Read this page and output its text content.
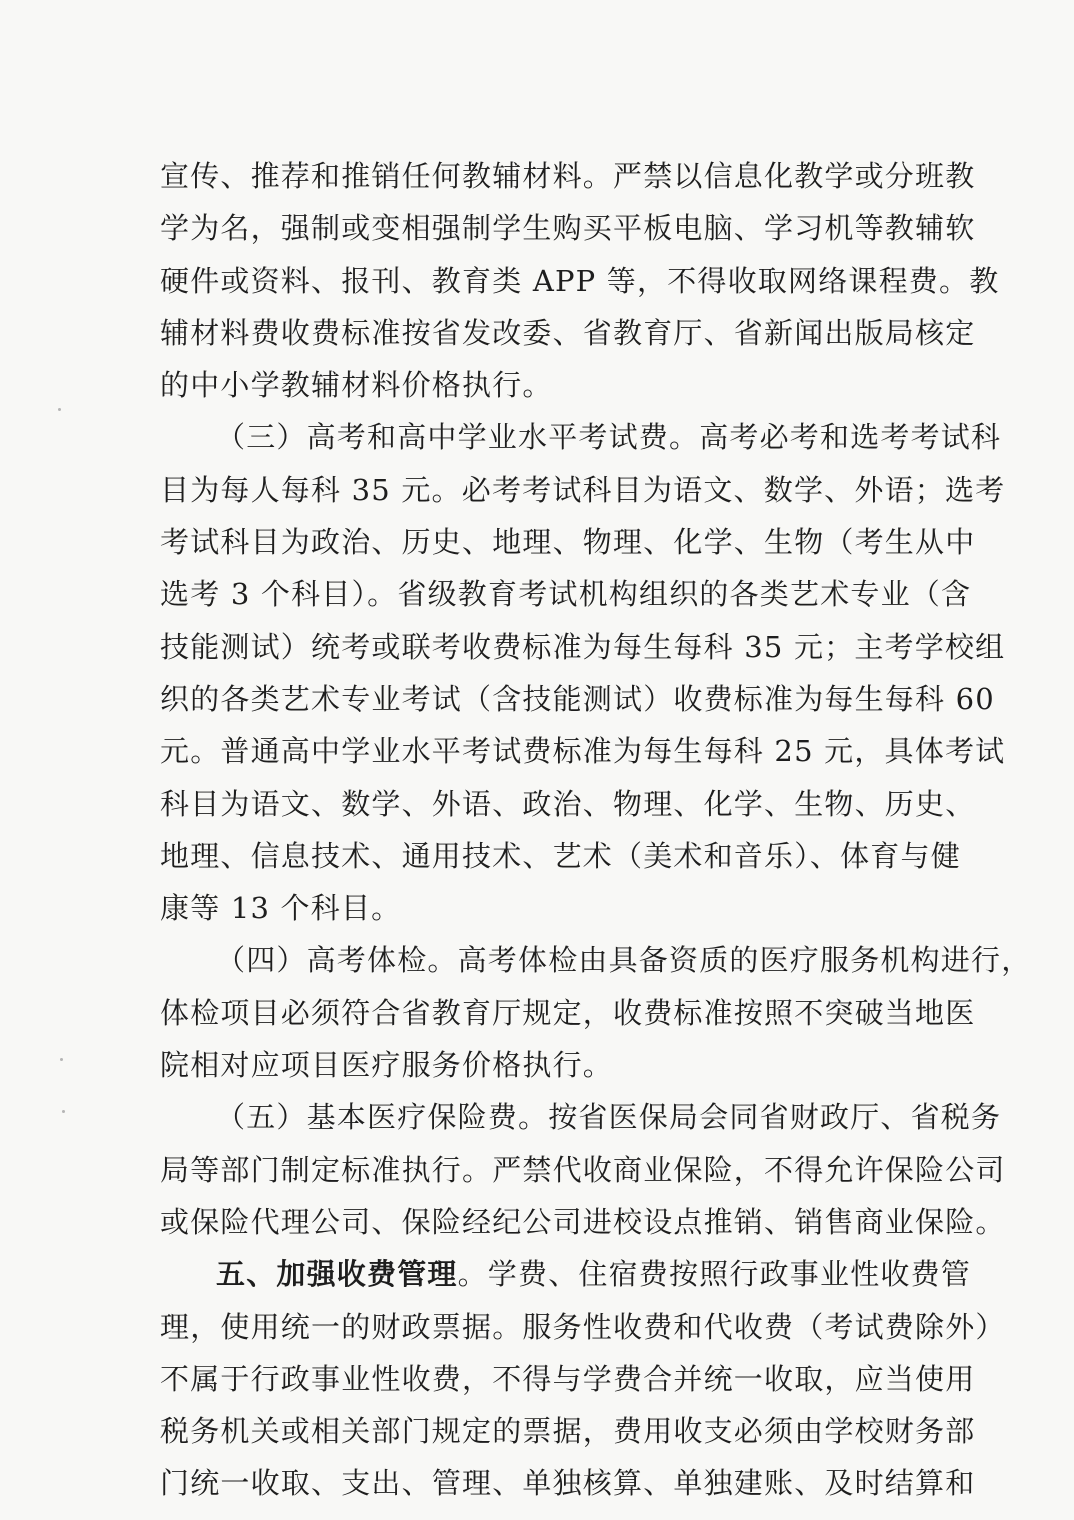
宣传、推荐和推销任何教辅材料。严禁以信息化教学或分班教
学为名，强制或变相强制学生购买平板电脑、学习机等教辅软
硬件或资料、报刊、教育类 APP 等，不得收取网络课程费。教
辅材料费收费标准按省发改委、省教育厅、省新闻出版局核定
的中小学教辅材料价格执行。
（三）高考和高中学业水平考试费。高考必考和选考考试科
目为每人每科 35 元。必考考试科目为语文、数学、外语；选考
考试科目为政治、历史、地理、物理、化学、生物（考生从中
选考 3 个科目）。省级教育考试机构组织的各类艺术专业（含
技能测试）统考或联考收费标准为每生每科 35 元；主考学校组
织的各类艺术专业考试（含技能测试）收费标准为每生每科 60
元。普通高中学业水平考试费标准为每生每科 25 元，具体考试
科目为语文、数学、外语、政治、物理、化学、生物、历史、
地理、信息技术、通用技术、艺术（美术和音乐）、体育与健
康等 13 个科目。
（四）高考体检。高考体检由具备资质的医疗服务机构进行，
体检项目必须符合省教育厅规定，收费标准按照不突破当地医
院相对应项目医疗服务价格执行。
（五）基本医疗保险费。按省医保局会同省财政厅、省税务
局等部门制定标准执行。严禁代收商业保险，不得允许保险公司
或保险代理公司、保险经纪公司进校设点推销、销售商业保险。
五、加强收费管理。学费、住宿费按照行政事业性收费管
理，使用统一的财政票据。服务性收费和代收费（考试费除外）
不属于行政事业性收费，不得与学费合并统一收取，应当使用
税务机关或相关部门规定的票据，费用收支必须由学校财务部
门统一收取、支出、管理、单独核算、单独建账、及时结算和
